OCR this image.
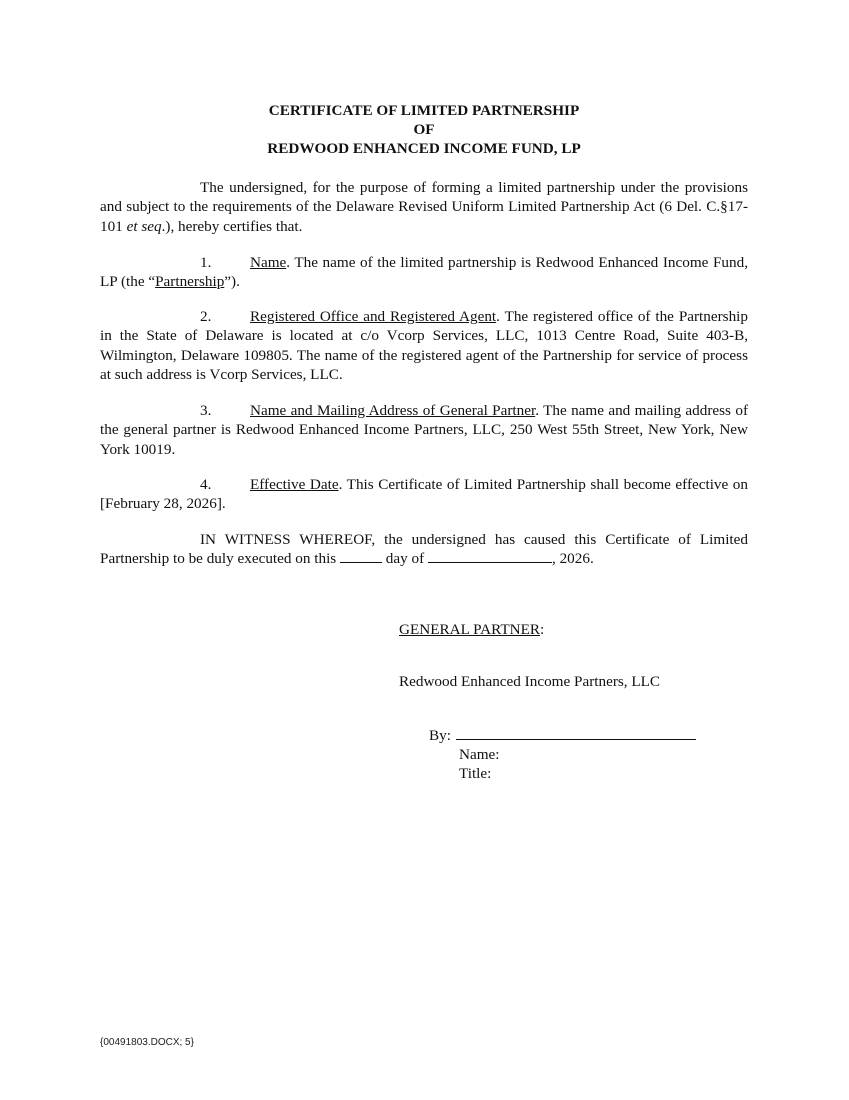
CERTIFICATE OF LIMITED PARTNERSHIP
OF
REDWOOD ENHANCED INCOME FUND, LP

The undersigned, for the purpose of forming a limited partnership under the provisions and subject to the requirements of the Delaware Revised Uniform Limited Partnership Act (6 Del. C.§17-101 et seq.), hereby certifies that.

1.	Name. The name of the limited partnership is Redwood Enhanced Income Fund, LP (the “Partnership”).

2.	Registered Office and Registered Agent. The registered office of the Partnership in the State of Delaware is located at c/o Vcorp Services, LLC, 1013 Centre Road, Suite 403-B, Wilmington, Delaware 109805. The name of the registered agent of the Partnership for service of process at such address is Vcorp Services, LLC.

3.	Name and Mailing Address of General Partner. The name and mailing address of the general partner is Redwood Enhanced Income Partners, LLC, 250 West 55th Street, New York, New York 10019.

4.	Effective Date. This Certificate of Limited Partnership shall become effective on [February 28, 2026].

IN WITNESS WHEREOF, the undersigned has caused this Certificate of Limited Partnership to be duly executed on this	day of	, 2026.

GENERAL PARTNER:
Redwood Enhanced Income Partners, LLC
By:
Name:
Title:
{00491803.DOCX; 5}
